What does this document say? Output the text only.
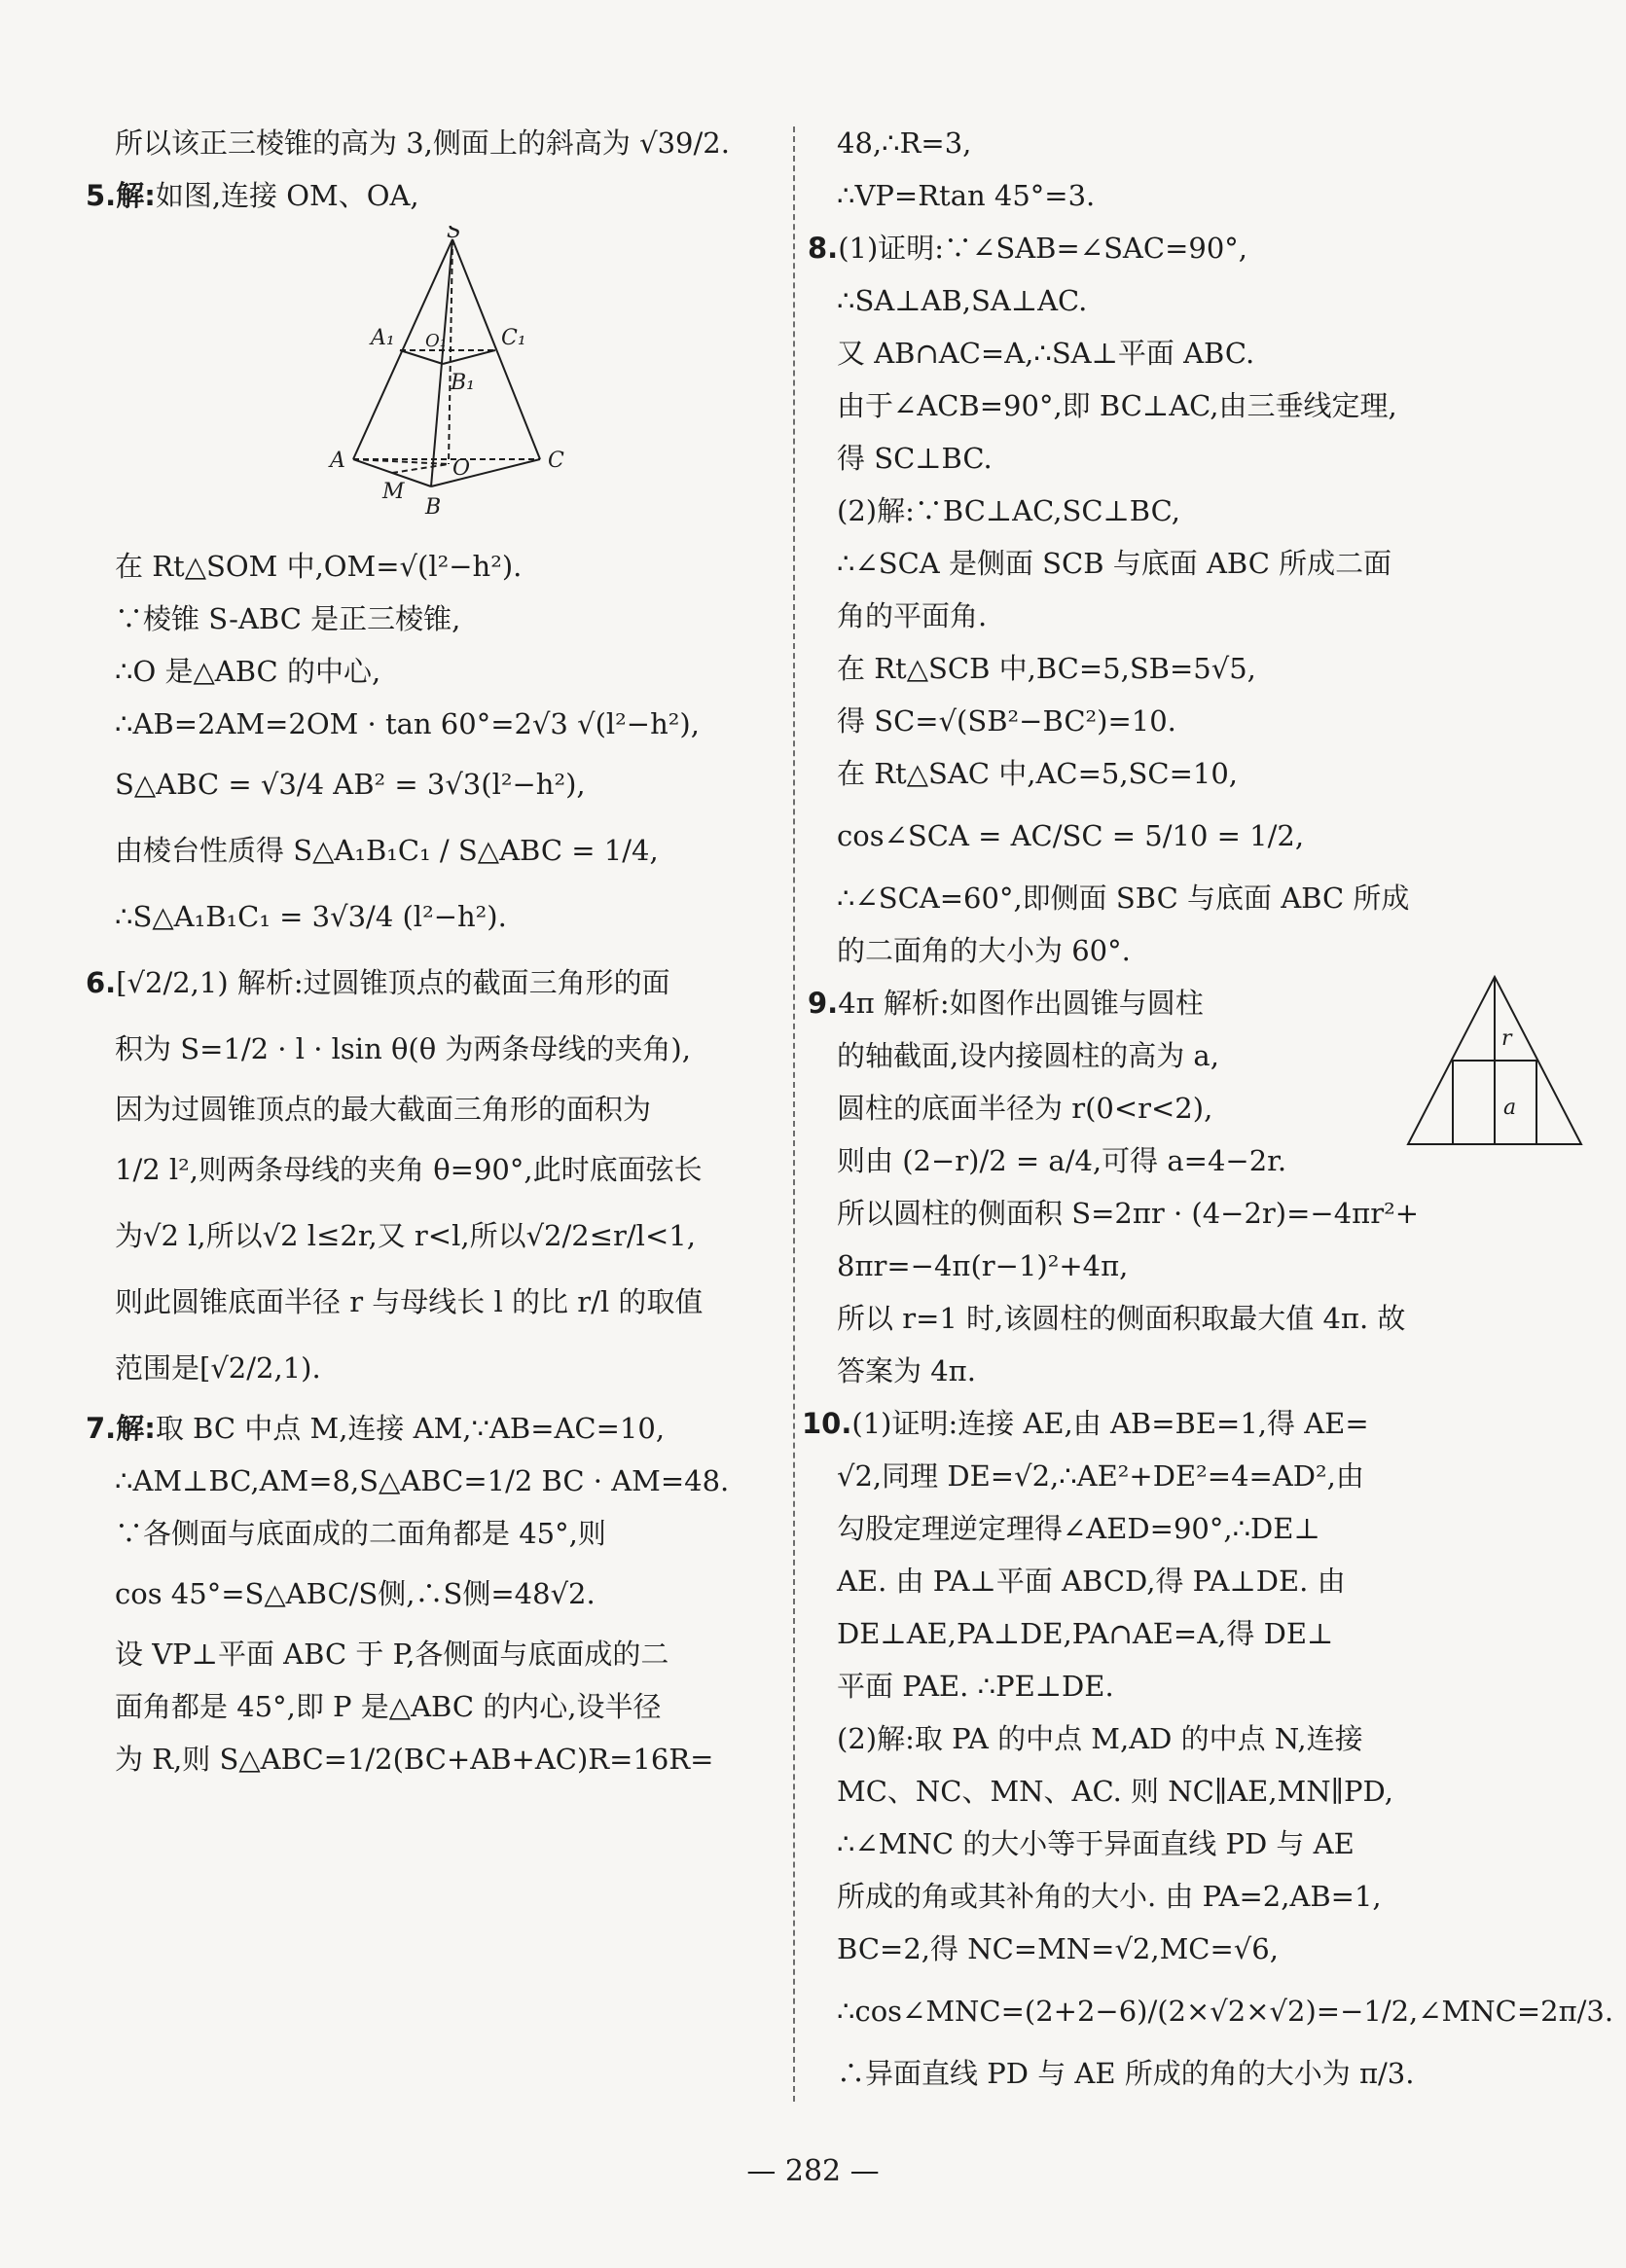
所以该正三棱锥的高为 3,侧面上的斜高为 √39/2.
5.解:如图,连接 OM、OA,
S
A₁ O₁	C₁
B₁
A	O	C
M
B
在 Rt△SOM 中,OM=√(l²−h²).
∵棱锥 S-ABC 是正三棱锥,
∴O 是△ABC 的中心,
∴AB=2AM=2OM · tan 60°=2√3 √(l²−h²),
S△ABC = √3/4 AB² = 3√3(l²−h²),
由棱台性质得 S△A₁B₁C₁ / S△ABC = 1/4,
∴S△A₁B₁C₁ = 3√3/4 (l²−h²).
6.[√2/2,1) 解析:过圆锥顶点的截面三角形的面
积为 S=1/2 · l · lsin θ(θ 为两条母线的夹角),
因为过圆锥顶点的最大截面三角形的面积为
1/2 l²,则两条母线的夹角 θ=90°,此时底面弦长
为√2 l,所以√2 l≤2r,又 r<l,所以√2/2≤r/l<1,
则此圆锥底面半径 r 与母线长 l 的比 r/l 的取值
范围是[√2/2,1).
7.解:取 BC 中点 M,连接 AM,∵AB=AC=10,
∴AM⊥BC,AM=8,S△ABC=1/2 BC · AM=48.
∵各侧面与底面成的二面角都是 45°,则
cos 45°=S△ABC/S侧,∴S侧=48√2.
设 VP⊥平面 ABC 于 P,各侧面与底面成的二
面角都是 45°,即 P 是△ABC 的内心,设半径
为 R,则 S△ABC=1/2(BC+AB+AC)R=16R=
48,∴R=3,
∴VP=Rtan 45°=3.
8.(1)证明:∵∠SAB=∠SAC=90°,
∴SA⊥AB,SA⊥AC.
又 AB∩AC=A,∴SA⊥平面 ABC.
由于∠ACB=90°,即 BC⊥AC,由三垂线定理,
得 SC⊥BC.
(2)解:∵BC⊥AC,SC⊥BC,
∴∠SCA 是侧面 SCB 与底面 ABC 所成二面
角的平面角.
在 Rt△SCB 中,BC=5,SB=5√5,
得 SC=√(SB²−BC²)=10.
在 Rt△SAC 中,AC=5,SC=10,
cos∠SCA = AC/SC = 5/10 = 1/2,
∴∠SCA=60°,即侧面 SBC 与底面 ABC 所成
的二面角的大小为 60°.
9.4π 解析:如图作出圆锥与圆柱
的轴截面,设内接圆柱的高为 a,
圆柱的底面半径为 r(0<r<2),
则由 (2−r)/2 = a/4,可得 a=4−2r.
所以圆柱的侧面积 S=2πr · (4−2r)=−4πr²+
8πr=−4π(r−1)²+4π,
所以 r=1 时,该圆柱的侧面积取最大值 4π. 故
答案为 4π.
10.(1)证明:连接 AE,由 AB=BE=1,得 AE=
√2,同理 DE=√2,∴AE²+DE²=4=AD²,由
勾股定理逆定理得∠AED=90°,∴DE⊥
AE. 由 PA⊥平面 ABCD,得 PA⊥DE. 由
DE⊥AE,PA⊥DE,PA∩AE=A,得 DE⊥
平面 PAE. ∴PE⊥DE.
(2)解:取 PA 的中点 M,AD 的中点 N,连接
MC、NC、MN、AC. 则 NC∥AE,MN∥PD,
∴∠MNC 的大小等于异面直线 PD 与 AE
所成的角或其补角的大小. 由 PA=2,AB=1,
BC=2,得 NC=MN=√2,MC=√6,
∴cos∠MNC=(2+2−6)/(2×√2×√2)=−1/2,∠MNC=2π/3.
∴异面直线 PD 与 AE 所成的角的大小为 π/3.
r
a
— 282 —
